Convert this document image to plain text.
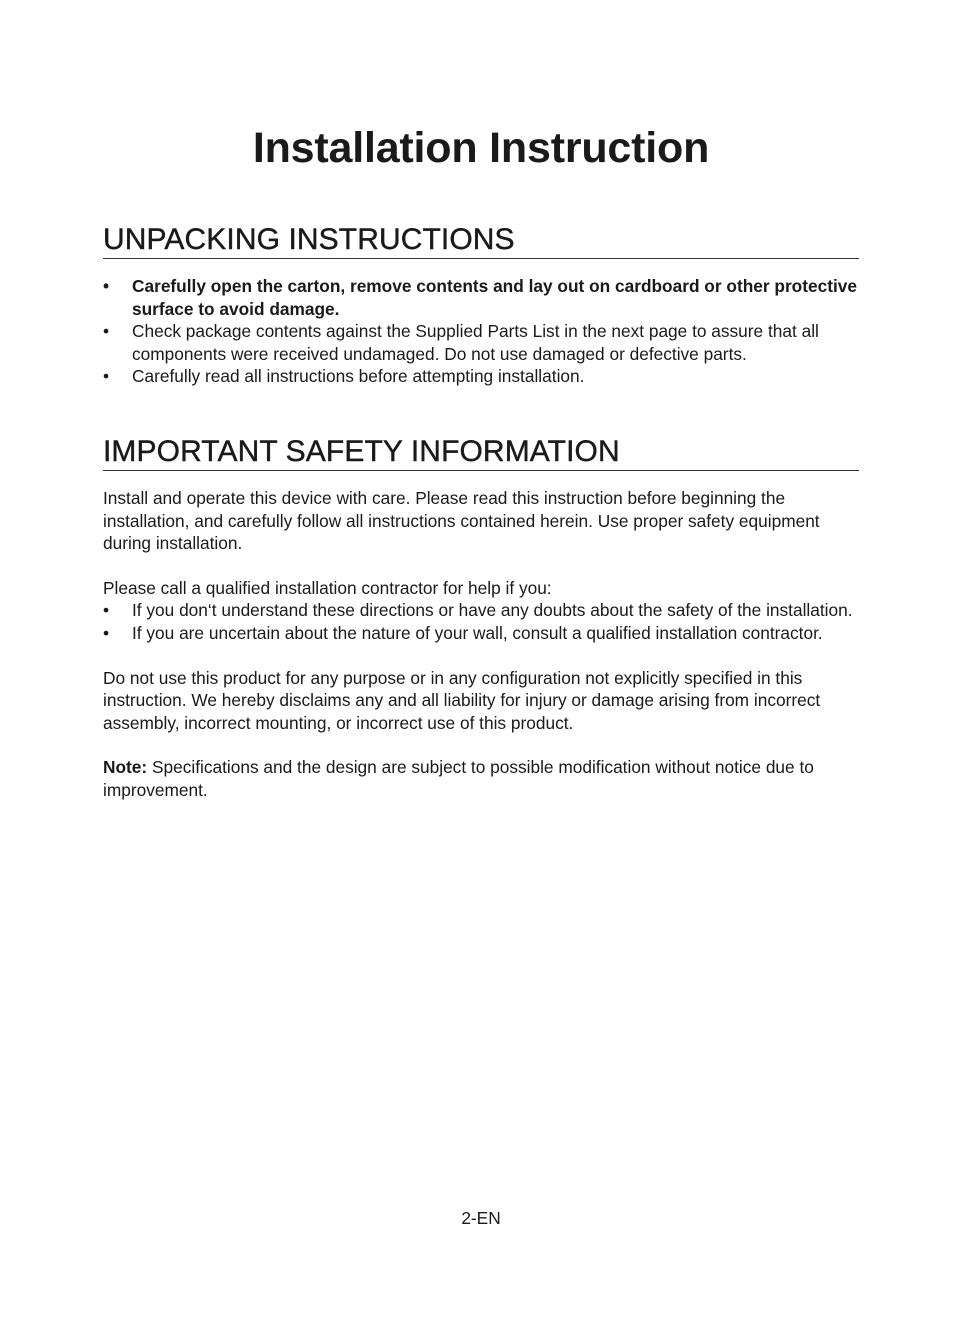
Installation Instruction
UNPACKING INSTRUCTIONS
• Carefully open the carton, remove contents and lay out on cardboard or other protective surface to avoid damage.
• Check package contents against the Supplied Parts List in the next page to assure that all components were received undamaged. Do not use damaged or defective parts.
• Carefully read all instructions before attempting installation.
IMPORTANT SAFETY INFORMATION

Install and operate this device with care. Please read this instruction before beginning the installation, and carefully follow all instructions contained herein. Use proper safety equipment during installation.

Please call a qualified installation contractor for help if you:

• If you don‘t understand these directions or have any doubts about the safety of the installation.
• If you are uncertain about the nature of your wall, consult a qualified installation contractor.

Do not use this product for any purpose or in any configuration not explicitly specified in this instruction. We hereby disclaims any and all liability for injury or damage arising from incorrect assembly, incorrect mounting, or incorrect use of this product.

Note: Specifications and the design are subject to possible modification without notice due to improvement.

2-EN
